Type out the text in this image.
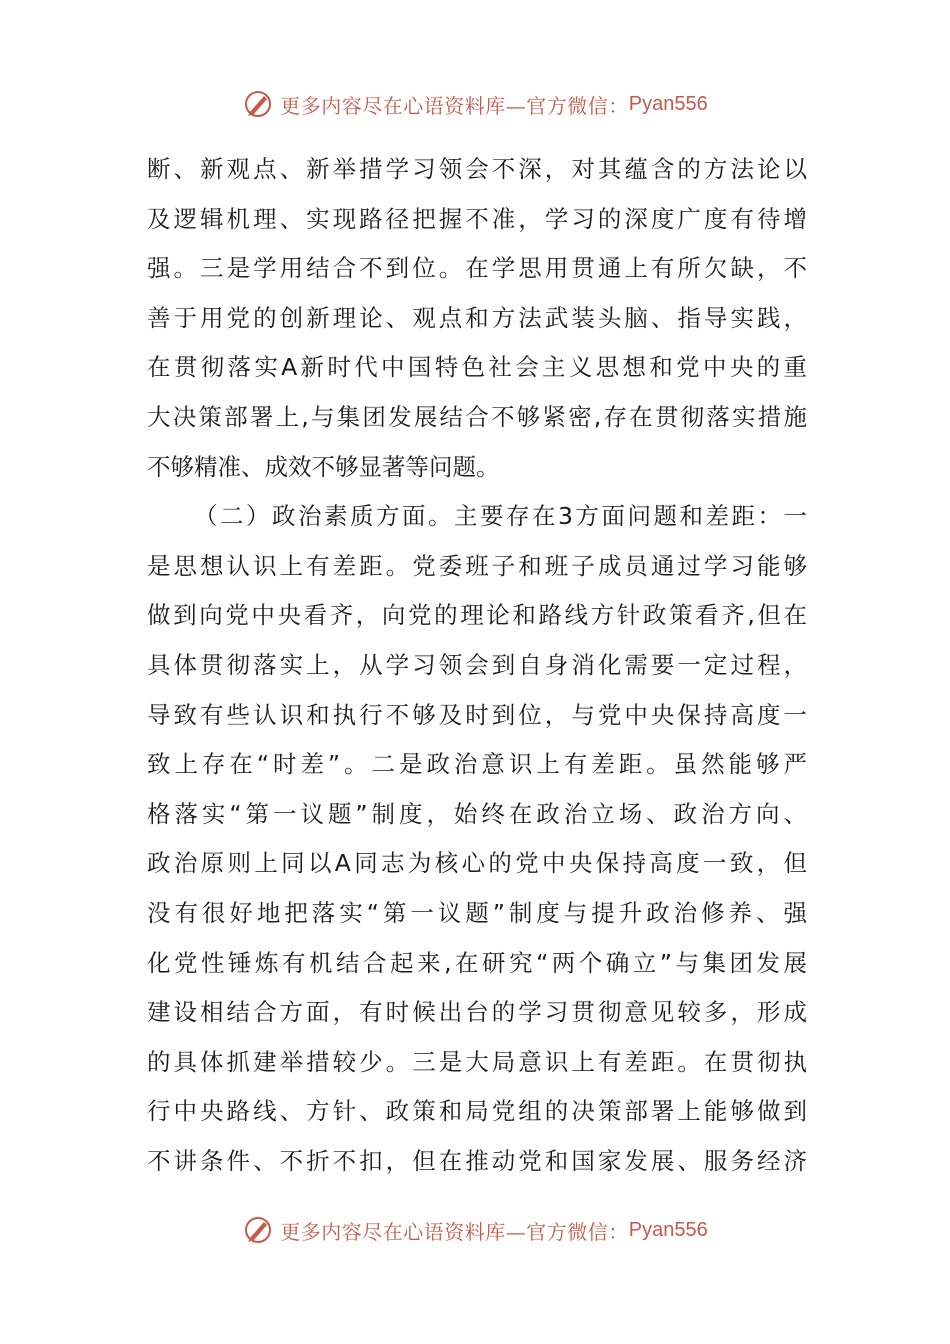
更多内容尽在心语资料库—官方微信： Pyan556
断、新观点、新举措学习领会不深，对其蕴含的方法论以
及逻辑机理、实现路径把握不准，学习的深度广度有待增
强。三是学用结合不到位。在学思用贯通上有所欠缺，不
善于用党的创新理论、观点和方法武装头脑、指导实践，
在贯彻落实A新时代中国特色社会主义思想和党中央的重
大决策部署上,与集团发展结合不够紧密,存在贯彻落实措施
不够精准、成效不够显著等问题。
（二）政治素质方面。主要存在3方面问题和差距：一
是思想认识上有差距。党委班子和班子成员通过学习能够
做到向党中央看齐，向党的理论和路线方针政策看齐,但在
具体贯彻落实上，从学习领会到自身消化需要一定过程，
导致有些认识和执行不够及时到位，与党中央保持高度一
致上存在“时差”。二是政治意识上有差距。虽然能够严
格落实“第一议题”制度，始终在政治立场、政治方向、
政治原则上同以A同志为核心的党中央保持高度一致，但
没有很好地把落实“第一议题”制度与提升政治修养、强
化党性锤炼有机结合起来,在研究“两个确立”与集团发展
建设相结合方面，有时候出台的学习贯彻意见较多，形成
的具体抓建举措较少。三是大局意识上有差距。在贯彻执
行中央路线、方针、政策和局党组的决策部署上能够做到
不讲条件、不折不扣，但在推动党和国家发展、服务经济
更多内容尽在心语资料库—官方微信： Pyan556
